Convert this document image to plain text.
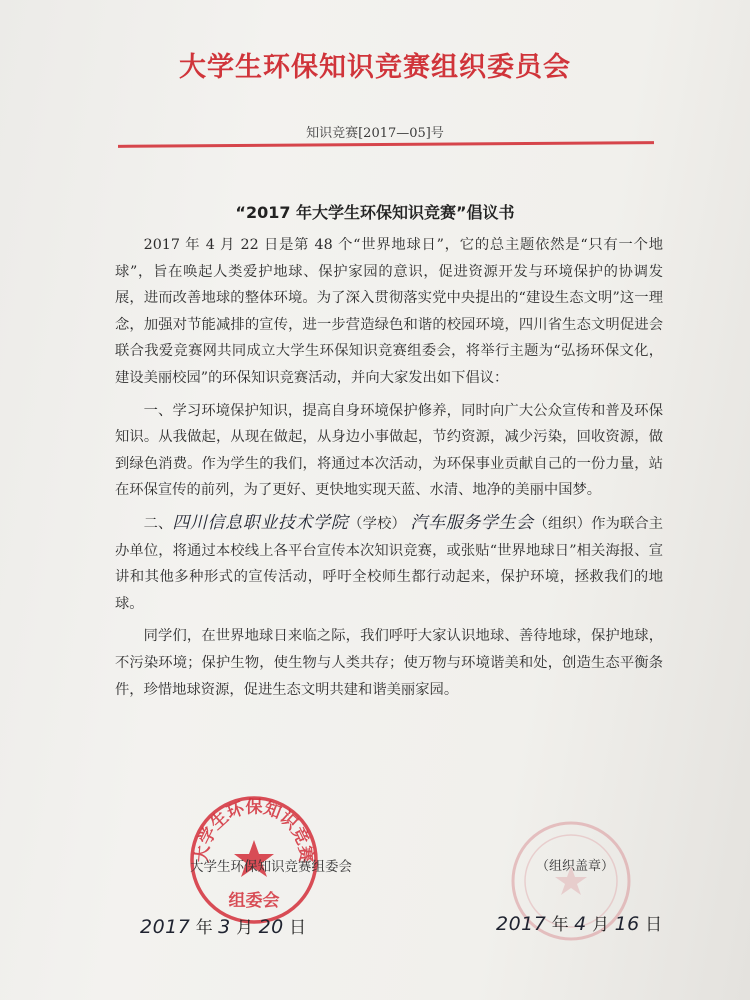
大学生环保知识竞赛组织委员会
知识竞赛[2017—05]号
“2017 年大学生环保知识竞赛”倡议书

2017 年 4 月 22 日是第 48 个“世界地球日”，它的总主题依然是“只有一个地球”，旨在唤起人类爱护地球、保护家园的意识，促进资源开发与环境保护的协调发展，进而改善地球的整体环境。为了深入贯彻落实党中央提出的“建设生态文明”这一理念，加强对节能减排的宣传，进一步营造绿色和谐的校园环境，四川省生态文明促进会联合我爱竞赛网共同成立大学生环保知识竞赛组委会，将举行主题为“弘扬环保文化，建设美丽校园”的环保知识竞赛活动，并向大家发出如下倡议：

一、学习环境保护知识，提高自身环境保护修养，同时向广大公众宣传和普及环保知识。从我做起，从现在做起，从身边小事做起，节约资源，减少污染，回收资源，做到绿色消费。作为学生的我们，将通过本次活动，为环保事业贡献自己的一份力量，站在环保宣传的前列，为了更好、更快地实现天蓝、水清、地净的美丽中国梦。

二、四川信息职业技术学院（学校） 汽车服务学生会（组织）作为联合主办单位，将通过本校线上各平台宣传本次知识竞赛，或张贴“世界地球日”相关海报、宣讲和其他多种形式的宣传活动，呼吁全校师生都行动起来，保护环境，拯救我们的地球。

同学们，在世界地球日来临之际，我们呼吁大家认识地球、善待地球，保护地球，不污染环境；保护生物，使生物与人类共存；使万物与环境谐美和处，创造生态平衡条件，珍惜地球资源，促进生态文明共建和谐美丽家园。

大学生环保知识竞赛
组委会
大学生环保知识竞赛组委会	（组织盖章）
2017 年 3 月 20 日	2017 年 4 月 16 日
